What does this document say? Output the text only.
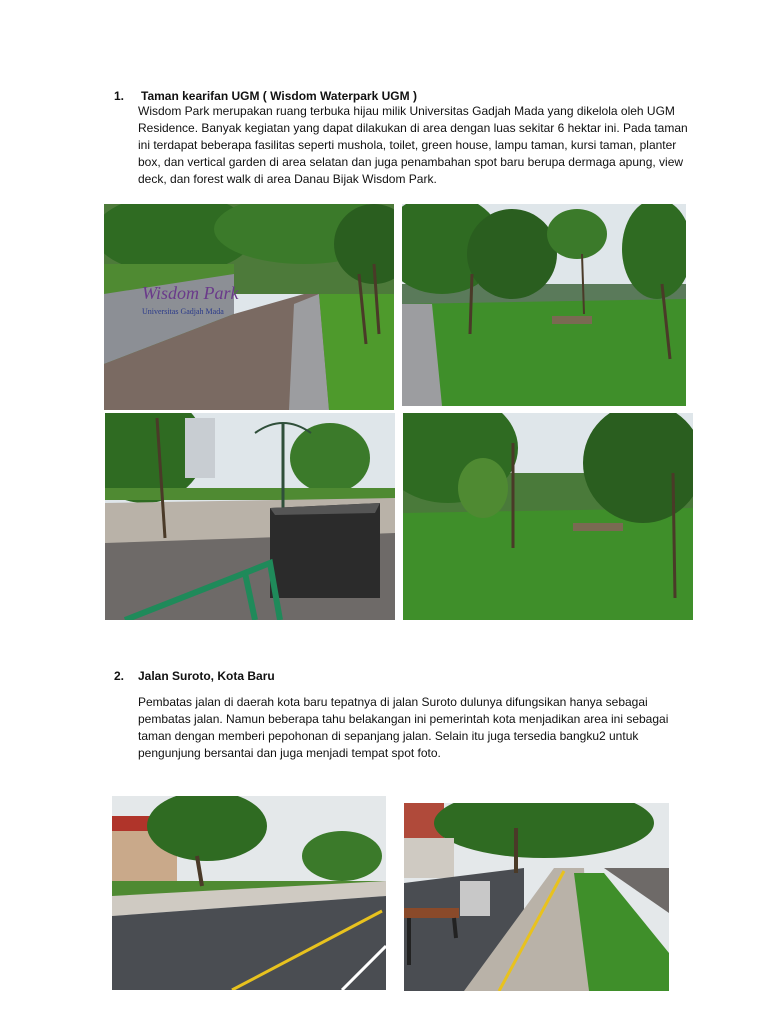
1. Taman kearifan UGM ( Wisdom Waterpark UGM )

Wisdom Park merupakan ruang terbuka hijau milik Universitas Gadjah Mada yang dikelola oleh UGM

Residence. Banyak kegiatan yang dapat dilakukan di area dengan luas sekitar 6 hektar ini. Pada taman

ini terdapat beberapa fasilitas seperti mushola, toilet, green house, lampu taman, kursi taman, planter

box, dan vertical garden di area selatan dan juga penambahan spot baru berupa dermaga apung, view

deck, dan forest walk di area Danau Bijak Wisdom Park.

Wisdom Park
Universitas Gadjah Mada
2. Jalan Suroto, Kota Baru

Pembatas jalan di daerah kota baru tepatnya di jalan Suroto dulunya difungsikan hanya sebagai

pembatas jalan. Namun beberapa tahu belakangan ini pemerintah kota menjadikan area ini sebagai

taman dengan memberi pepohonan di sepanjang jalan. Selain itu juga tersedia bangku2 untuk

pengunjung bersantai dan juga menjadi tempat spot foto.
